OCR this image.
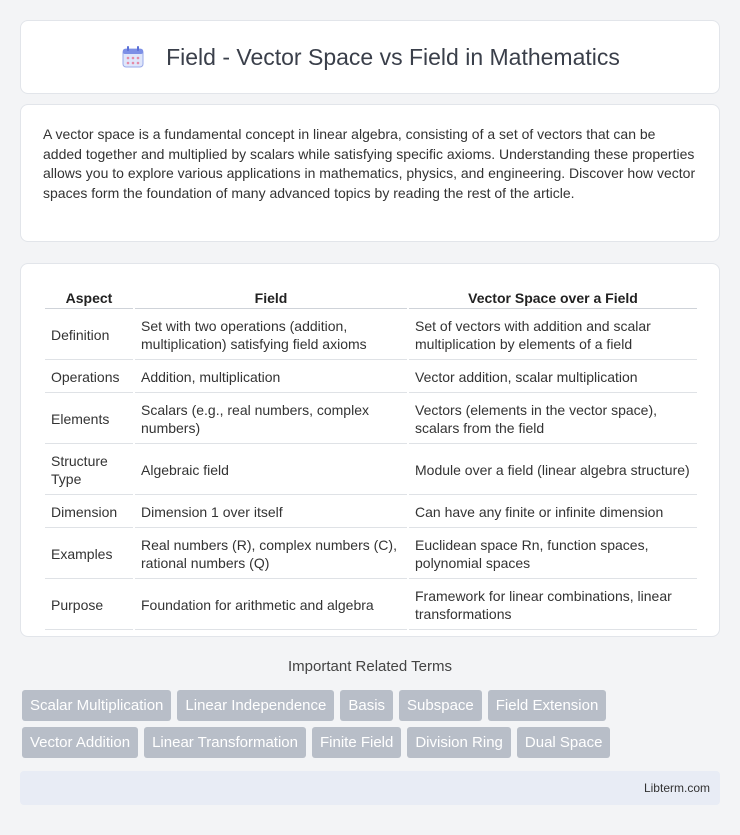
Field - Vector Space vs Field in Mathematics

A vector space is a fundamental concept in linear algebra, consisting of a set of vectors that can be added together and multiplied by scalars while satisfying specific axioms. Understanding these properties allows you to explore various applications in mathematics, physics, and engineering. Discover how vector spaces form the foundation of many advanced topics by reading the rest of the article.

Aspect	Field	Vector Space over a Field
Definition	Set with two operations (addition, multiplication) satisfying field axioms	Set of vectors with addition and scalar multiplication by elements of a field
Operations	Addition, multiplication	Vector addition, scalar multiplication
Elements	Scalars (e.g., real numbers, complex numbers)	Vectors (elements in the vector space), scalars from the field
Structure Type	Algebraic field	Module over a field (linear algebra structure)
Dimension	Dimension 1 over itself	Can have any finite or infinite dimension
Examples	Real numbers (R), complex numbers (C), rational numbers (Q)	Euclidean space Rn, function spaces, polynomial spaces
Purpose	Foundation for arithmetic and algebra	Framework for linear combinations, linear transformations
Important Related Terms
Scalar Multiplication	Linear Independence	Basis	Subspace	Field Extension
Vector Addition	Linear Transformation	Finite Field	Division Ring	Dual Space
Libterm.com
